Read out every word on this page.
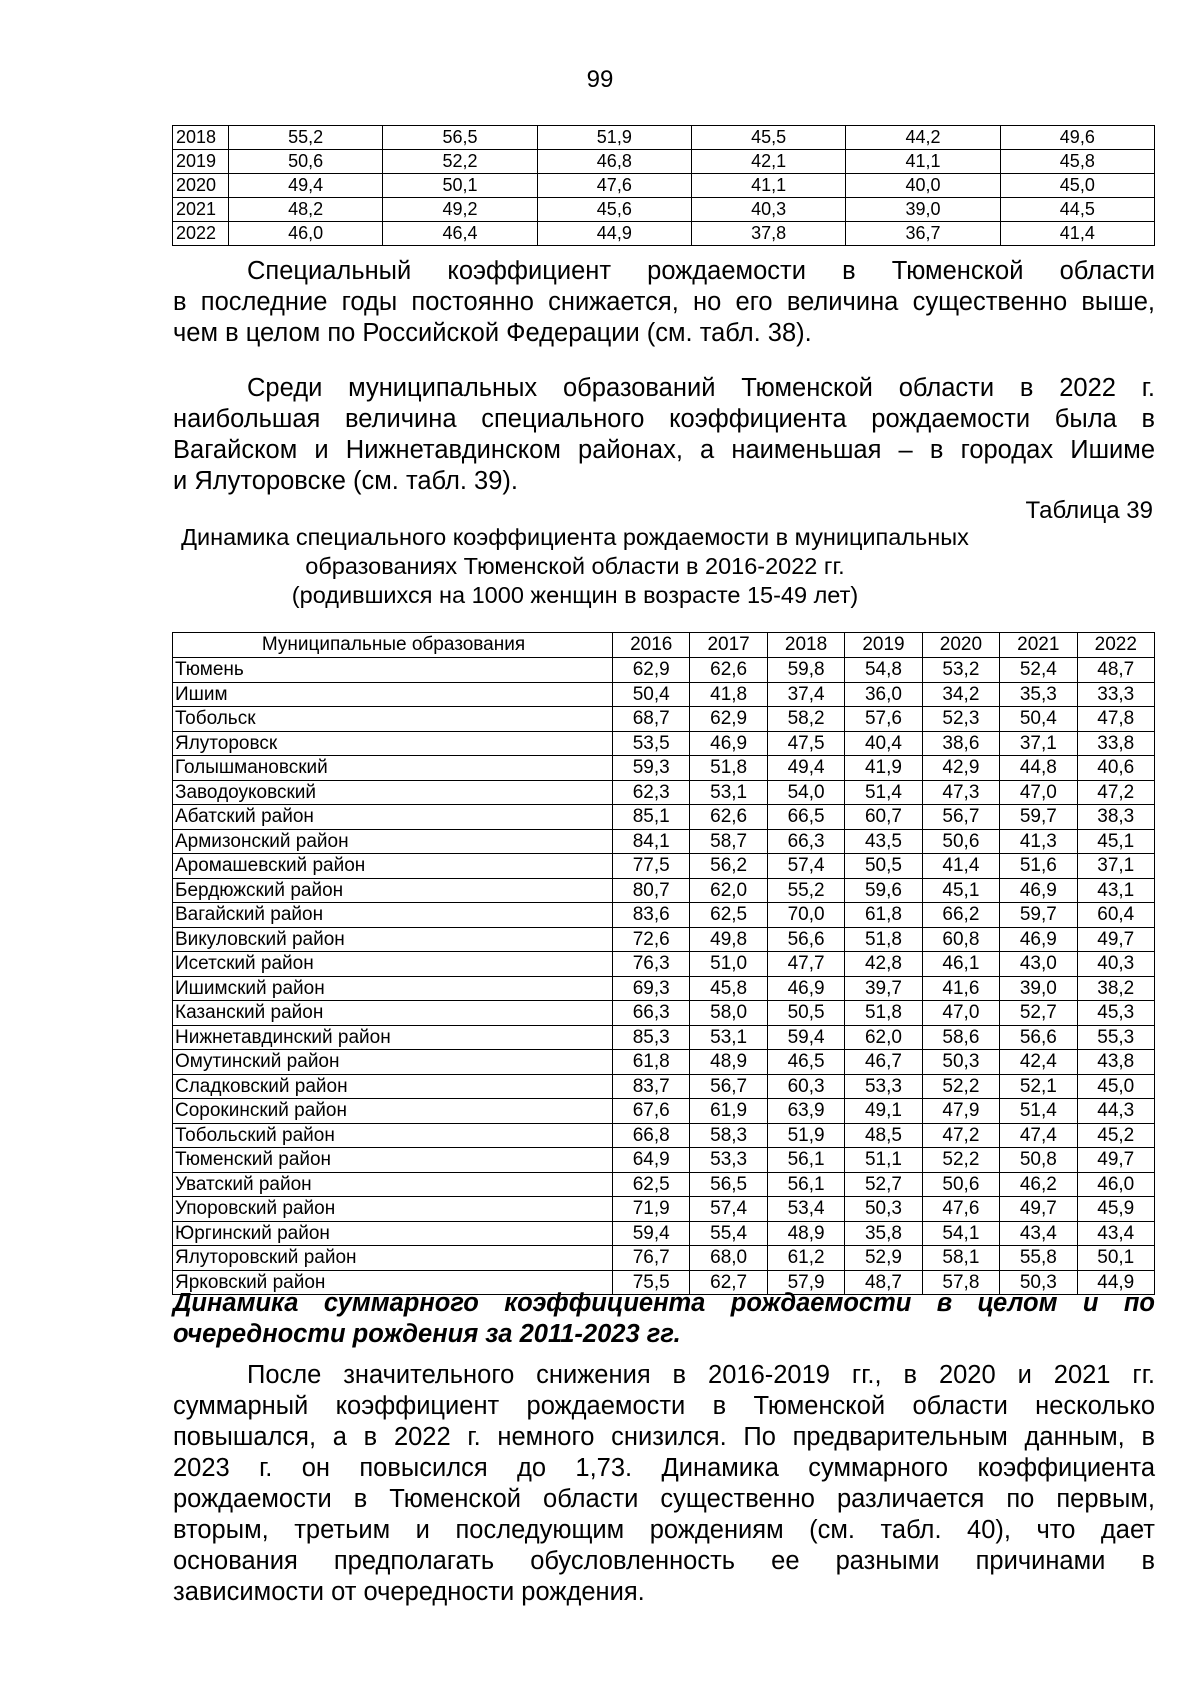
99
2018	55,2	56,5	51,9	45,5	44,2	49,6
2019	50,6	52,2	46,8	42,1	41,1	45,8
2020	49,4	50,1	47,6	41,1	40,0	45,0
2021	48,2	49,2	45,6	40,3	39,0	44,5
2022	46,0	46,4	44,9	37,8	36,7	41,4
Специальный коэффициент рождаемости в Тюменской области
в последние годы постоянно снижается, но его величина существенно выше,
чем в целом по Российской Федерации (см. табл. 38).
Среди муниципальных образований Тюменской области в 2022 г.
наибольшая величина специального коэффициента рождаемости была в
Вагайском и Нижнетавдинском районах, а наименьшая – в городах Ишиме
и Ялуторовске (см. табл. 39).
Таблица 39
Динамика специального коэффициента рождаемости в муниципальных
образованиях Тюменской области в 2016-2022 гг.
(родившихся на 1000 женщин в возрасте 15-49 лет)
Муниципальные образования	2016	2017	2018	2019	2020	2021	2022
Тюмень	62,9	62,6	59,8	54,8	53,2	52,4	48,7
Ишим	50,4	41,8	37,4	36,0	34,2	35,3	33,3
Тобольск	68,7	62,9	58,2	57,6	52,3	50,4	47,8
Ялуторовск	53,5	46,9	47,5	40,4	38,6	37,1	33,8
Голышмановский	59,3	51,8	49,4	41,9	42,9	44,8	40,6
Заводоуковский	62,3	53,1	54,0	51,4	47,3	47,0	47,2
Абатский район	85,1	62,6	66,5	60,7	56,7	59,7	38,3
Армизонский район	84,1	58,7	66,3	43,5	50,6	41,3	45,1
Аромашевский район	77,5	56,2	57,4	50,5	41,4	51,6	37,1
Бердюжский район	80,7	62,0	55,2	59,6	45,1	46,9	43,1
Вагайский район	83,6	62,5	70,0	61,8	66,2	59,7	60,4
Викуловский район	72,6	49,8	56,6	51,8	60,8	46,9	49,7
Исетский район	76,3	51,0	47,7	42,8	46,1	43,0	40,3
Ишимский район	69,3	45,8	46,9	39,7	41,6	39,0	38,2
Казанский район	66,3	58,0	50,5	51,8	47,0	52,7	45,3
Нижнетавдинский район	85,3	53,1	59,4	62,0	58,6	56,6	55,3
Омутинский район	61,8	48,9	46,5	46,7	50,3	42,4	43,8
Сладковский район	83,7	56,7	60,3	53,3	52,2	52,1	45,0
Сорокинский район	67,6	61,9	63,9	49,1	47,9	51,4	44,3
Тобольский район	66,8	58,3	51,9	48,5	47,2	47,4	45,2
Тюменский район	64,9	53,3	56,1	51,1	52,2	50,8	49,7
Уватский район	62,5	56,5	56,1	52,7	50,6	46,2	46,0
Упоровский район	71,9	57,4	53,4	50,3	47,6	49,7	45,9
Юргинский район	59,4	55,4	48,9	35,8	54,1	43,4	43,4
Ялуторовский район	76,7	68,0	61,2	52,9	58,1	55,8	50,1
Ярковский район	75,5	62,7	57,9	48,7	57,8	50,3	44,9
Динамика суммарного коэффициента рождаемости в целом и по
очередности рождения за 2011-2023 гг.
После значительного снижения в 2016-2019 гг., в 2020 и 2021 гг.
суммарный коэффициент рождаемости в Тюменской области несколько
повышался, а в 2022 г. немного снизился. По предварительным данным, в
2023 г. он повысился до 1,73. Динамика суммарного коэффициента
рождаемости в Тюменской области существенно различается по первым,
вторым, третьим и последующим рождениям (см. табл. 40), что дает
основания предполагать обусловленность ее разными причинами в
зависимости от очередности рождения.
